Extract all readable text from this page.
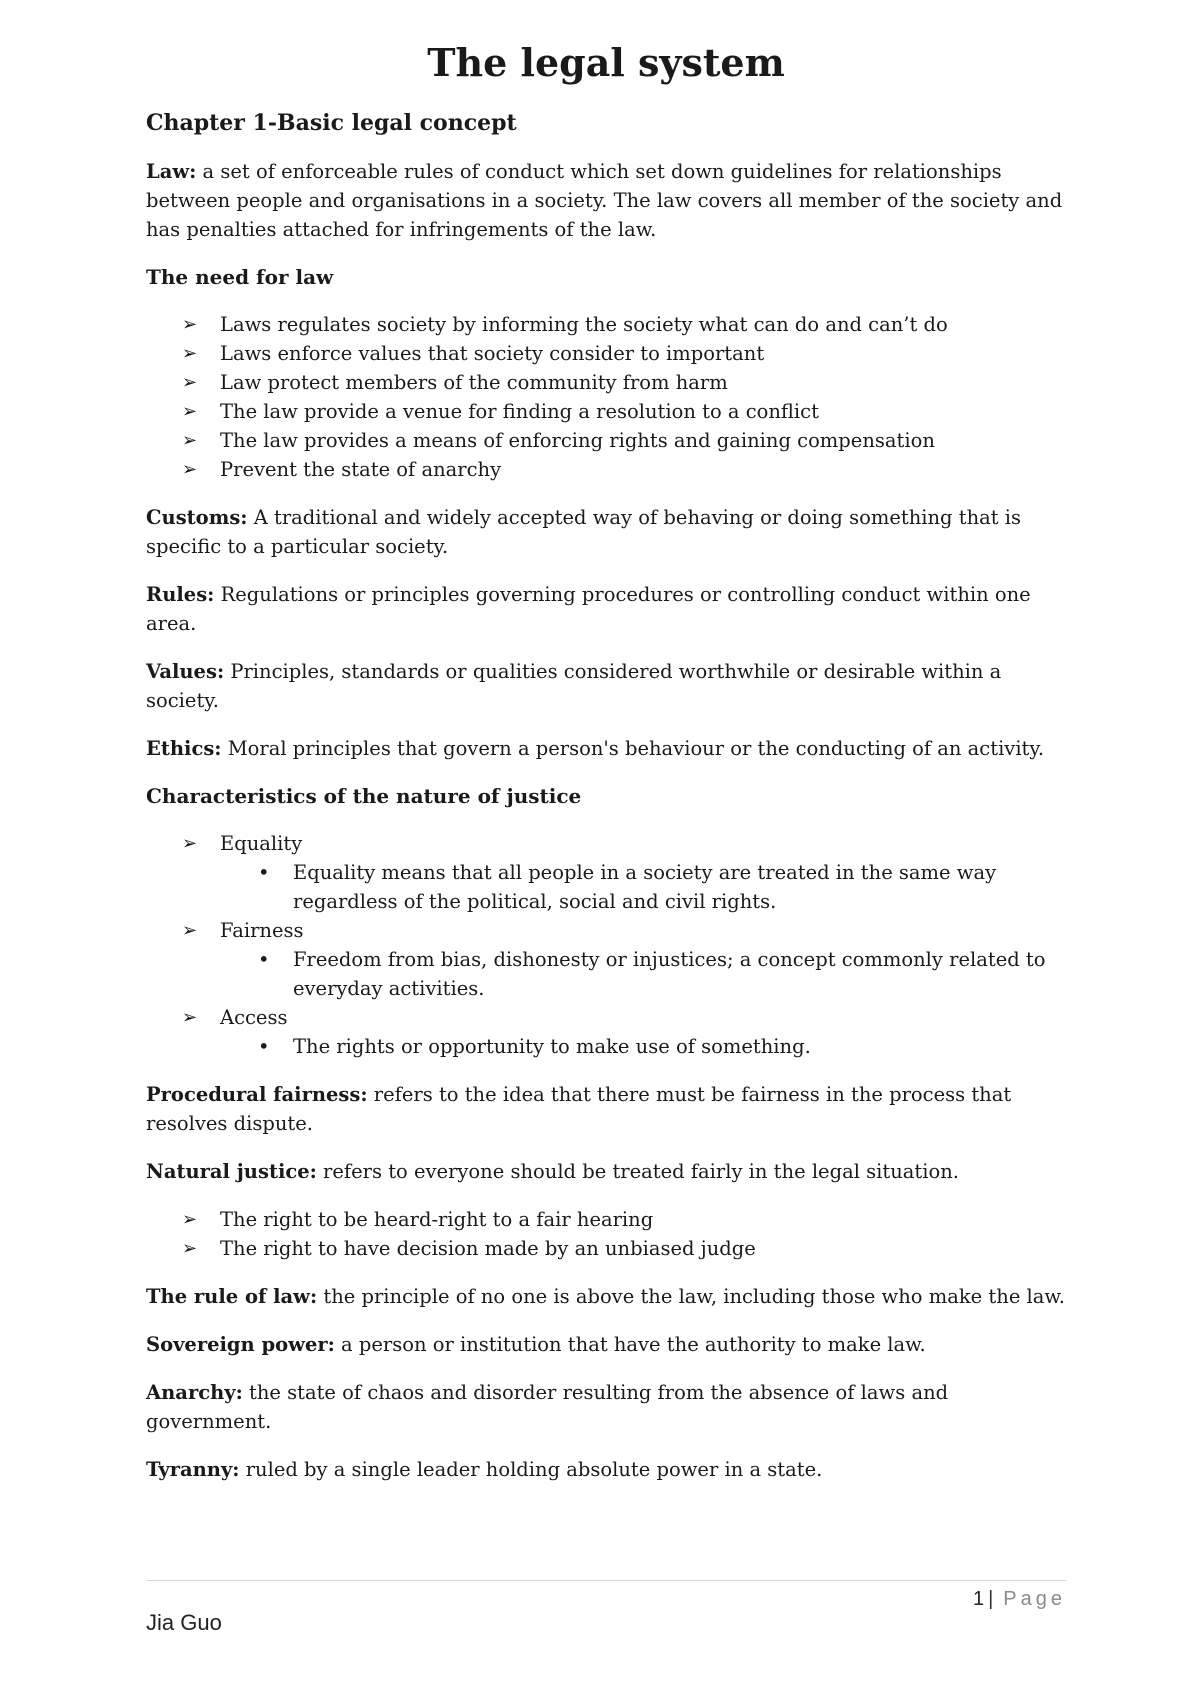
The legal system
Chapter 1-Basic legal concept

Law: a set of enforceable rules of conduct which set down guidelines for relationships between people and organisations in a society. The law covers all member of the society and has penalties attached for infringements of the law.

The need for law
➢ Laws regulates society by informing the society what can do and can’t do
➢ Laws enforce values that society consider to important
➢ Law protect members of the community from harm
➢ The law provide a venue for finding a resolution to a conflict
➢ The law provides a means of enforcing rights and gaining compensation
➢ Prevent the state of anarchy

Customs: A traditional and widely accepted way of behaving or doing something that is specific to a particular society.

Rules: Regulations or principles governing procedures or controlling conduct within one area.

Values: Principles, standards or qualities considered worthwhile or desirable within a society.

Ethics: Moral principles that govern a person's behaviour or the conducting of an activity.

Characteristics of the nature of justice
➢ Equality
• Equality means that all people in a society are treated in the same way regardless of the political, social and civil rights.
➢ Fairness
• Freedom from bias, dishonesty or injustices; a concept commonly related to everyday activities.
➢ Access
• The rights or opportunity to make use of something.

Procedural fairness: refers to the idea that there must be fairness in the process that resolves dispute.

Natural justice: refers to everyone should be treated fairly in the legal situation.

➢ The right to be heard-right to a fair hearing
➢ The right to have decision made by an unbiased judge

The rule of law: the principle of no one is above the law, including those who make the law.

Sovereign power: a person or institution that have the authority to make law.

Anarchy: the state of chaos and disorder resulting from the absence of laws and government.

Tyranny: ruled by a single leader holding absolute power in a state.

1 | Page
Jia Guo
